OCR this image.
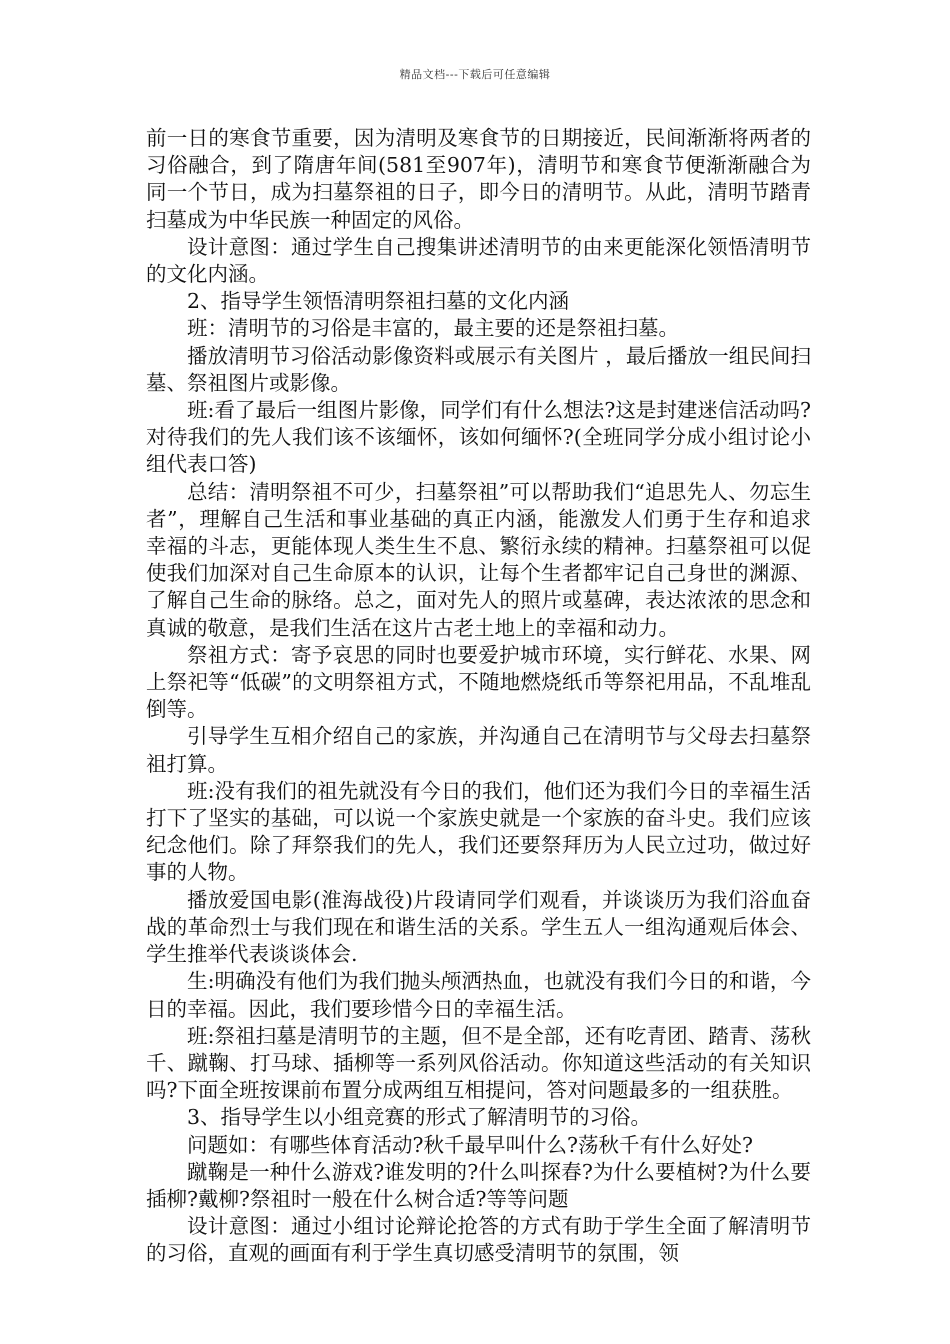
精品文档---下载后可任意编辑

前一日的寒食节重要，因为清明及寒食节的日期接近，民间渐渐将两者的习俗融合，到了隋唐年间(581至907年)，清明节和寒食节便渐渐融合为同一个节日，成为扫墓祭祖的日子，即今日的清明节。从此，清明节踏青扫墓成为中华民族一种固定的风俗。

设计意图：通过学生自己搜集讲述清明节的由来更能深化领悟清明节的文化内涵。

2、指导学生领悟清明祭祖扫墓的文化内涵

班：清明节的习俗是丰富的，最主要的还是祭祖扫墓。

播放清明节习俗活动影像资料或展示有关图片 ，最后播放一组民间扫墓、祭祖图片或影像。

班:看了最后一组图片影像，同学们有什么想法?这是封建迷信活动吗?对待我们的先人我们该不该缅怀，该如何缅怀?(全班同学分成小组讨论小组代表口答)

总结：清明祭祖不可少，扫墓祭祖”可以帮助我们“追思先人、勿忘生者”，理解自己生活和事业基础的真正内涵，能激发人们勇于生存和追求幸福的斗志，更能体现人类生生不息、繁衍永续的精神。扫墓祭祖可以促使我们加深对自己生命原本的认识，让每个生者都牢记自己身世的渊源、了解自己生命的脉络。总之，面对先人的照片或墓碑，表达浓浓的思念和真诚的敬意，是我们生活在这片古老土地上的幸福和动力。

祭祖方式：寄予哀思的同时也要爱护城市环境，实行鲜花、水果、网上祭祀等“低碳”的文明祭祖方式，不随地燃烧纸币等祭祀用品，不乱堆乱倒等。

引导学生互相介绍自己的家族，并沟通自己在清明节与父母去扫墓祭祖打算。

班:没有我们的祖先就没有今日的我们，他们还为我们今日的幸福生活打下了坚实的基础，可以说一个家族史就是一个家族的奋斗史。我们应该纪念他们。除了拜祭我们的先人，我们还要祭拜历为人民立过功，做过好事的人物。

播放爱国电影(淮海战役)片段请同学们观看，并谈谈历为我们浴血奋战的革命烈士与我们现在和谐生活的关系。学生五人一组沟通观后体会、学生推举代表谈谈体会.

生:明确没有他们为我们抛头颅洒热血，也就没有我们今日的和谐，今日的幸福。因此，我们要珍惜今日的幸福生活。

班:祭祖扫墓是清明节的主题，但不是全部，还有吃青团、踏青、荡秋千、蹴鞠、打马球、插柳等一系列风俗活动。你知道这些活动的有关知识吗?下面全班按课前布置分成两组互相提问，答对问题最多的一组获胜。

3、指导学生以小组竞赛的形式了解清明节的习俗。

问题如：有哪些体育活动?秋千最早叫什么?荡秋千有什么好处?

蹴鞠是一种什么游戏?谁发明的?什么叫探春?为什么要植树?为什么要插柳?戴柳?祭祖时一般在什么树合适?等等问题

设计意图：通过小组讨论辩论抢答的方式有助于学生全面了解清明节的习俗，直观的画面有利于学生真切感受清明节的氛围，领
